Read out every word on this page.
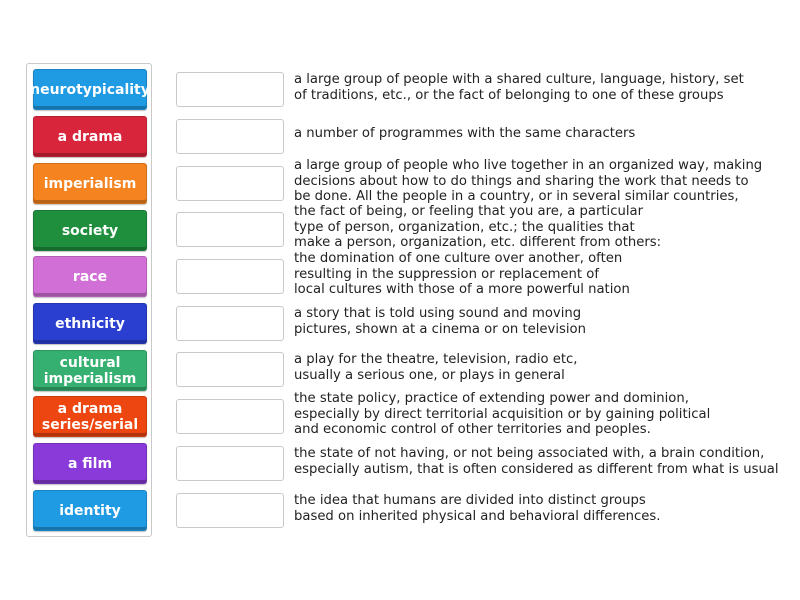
neurotypicality
a drama
imperialism
society
race
ethnicity
cultural imperialism
a drama series/serial
a film
identity
a large group of people with a shared culture, language, history, set
of traditions, etc., or the fact of belonging to one of these groups
a number of programmes with the same characters
a large group of people who live together in an organized way, making
decisions about how to do things and sharing the work that needs to
be done. All the people in a country, or in several similar countries,
the fact of being, or feeling that you are, a particular
type of person, organization, etc.; the qualities that
make a person, organization, etc. different from others:
the domination of one culture over another, often
resulting in the suppression or replacement of
local cultures with those of a more powerful nation
a story that is told using sound and moving
pictures, shown at a cinema or on television
a play for the theatre, television, radio etc,
usually a serious one, or plays in general
the state policy, practice of extending power and dominion,
especially by direct territorial acquisition or by gaining political
and economic control of other territories and peoples.
the state of not having, or not being associated with, a brain condition,
especially autism, that is often considered as different from what is usual
the idea that humans are divided into distinct groups
based on inherited physical and behavioral differences.
